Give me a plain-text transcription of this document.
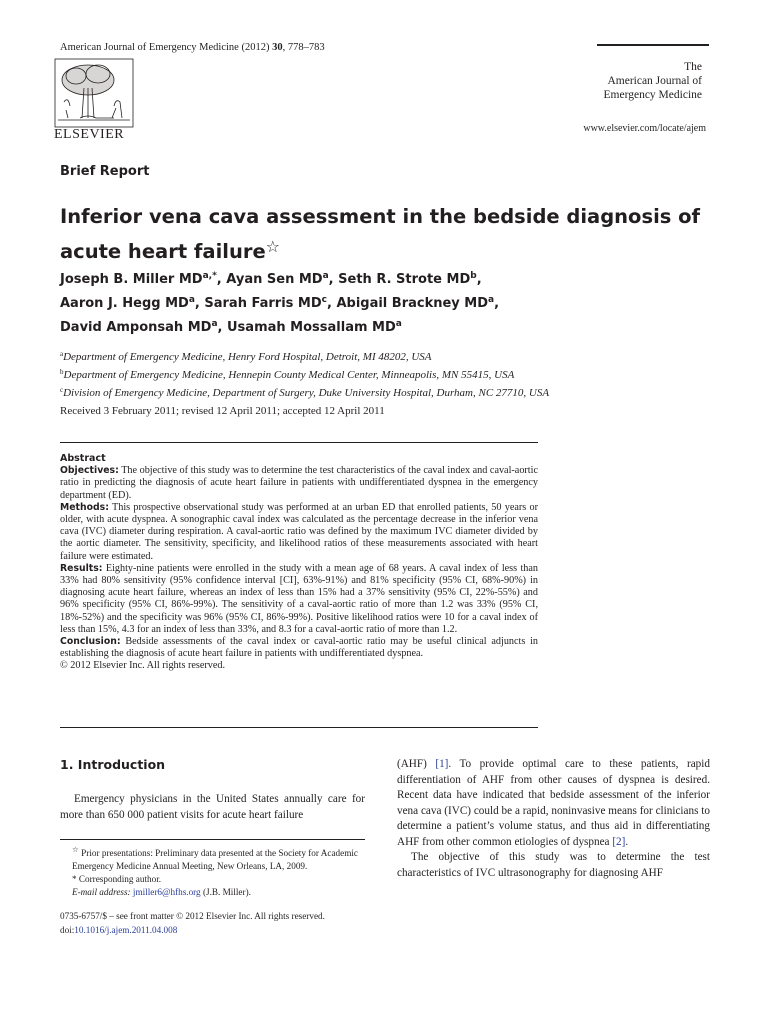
American Journal of Emergency Medicine (2012) 30, 778–783
ELSEVIER
The
American Journal of
Emergency Medicine
www.elsevier.com/locate/ajem
Brief Report
Inferior vena cava assessment in the bedside diagnosis of acute heart failure☆
Joseph B. Miller $MD^{a,*}$, Ayan Sen $MD^a$, Seth R. Strote $MD^b$,
Aaron J. Hegg $MD^a$, Sarah Farris $MD^c$, Abigail Brackney $MD^a$,
David Amponsah $MD^a$, Usamah Mossallam $MD^a$
$^a$Department of Emergency Medicine, Henry Ford Hospital, Detroit, MI 48202, USA
$^b$Department of Emergency Medicine, Hennepin County Medical Center, Minneapolis, MN 55415, USA
$^c$Division of Emergency Medicine, Department of Surgery, Duke University Hospital, Durham, NC 27710, USA
Received 3 February 2011; revised 12 April 2011; accepted 12 April 2011
Abstract

Objectives: The objective of this study was to determine the test characteristics of the caval index and caval-aortic ratio in predicting the diagnosis of acute heart failure in patients with undifferentiated dyspnea in the emergency department (ED).

Methods: This prospective observational study was performed at an urban ED that enrolled patients, 50 years or older, with acute dyspnea. A sonographic caval index was calculated as the percentage decrease in the inferior vena cava (IVC) diameter during respiration. A caval-aortic ratio was defined by the maximum IVC diameter divided by the aortic diameter. The sensitivity, specificity, and likelihood ratios of these measurements associated with heart failure were estimated.

Results: Eighty-nine patients were enrolled in the study with a mean age of 68 years. A caval index of less than 33% had 80% sensitivity (95% confidence interval [CI], 63%-91%) and 81% specificity (95% CI, 68%-90%) in diagnosing acute heart failure, whereas an index of less than 15% had a 37% sensitivity (95% CI, 22%-55%) and 96% specificity (95% CI, 86%-99%). The sensitivity of a caval-aortic ratio of more than 1.2 was 33% (95% CI, 18%-52%) and the specificity was 96% (95% CI, 86%-99%). Positive likelihood ratios were 10 for a caval index of less than 15%, 4.3 for an index of less than 33%, and 8.3 for a caval-aortic ratio of more than 1.2.

Conclusion: Bedside assessments of the caval index or caval-aortic ratio may be useful clinical adjuncts in establishing the diagnosis of acute heart failure in patients with undifferentiated dyspnea.

© 2012 Elsevier Inc. All rights reserved.

1. Introduction
Emergency physicians in the United States annually care for more than 650 000 patient visits for acute heart failure
☆ Prior presentations: Preliminary data presented at the Society for Academic Emergency Medicine Annual Meeting, New Orleans, LA, 2009.
* Corresponding author.
E-mail address: jmiller6@hfhs.org (J.B. Miller).
0735-6757/$ – see front matter © 2012 Elsevier Inc. All rights reserved.
doi:10.1016/j.ajem.2011.04.008

(AHF) [1]. To provide optimal care to these patients, rapid differentiation of AHF from other causes of dyspnea is desired. Recent data have indicated that bedside assessment of the inferior vena cava (IVC) could be a rapid, noninvasive means for clinicians to determine a patient’s volume status, and thus aid in differentiating AHF from other common etiologies of dyspnea [2].

The objective of this study was to determine the test characteristics of IVC ultrasonography for diagnosing AHF
